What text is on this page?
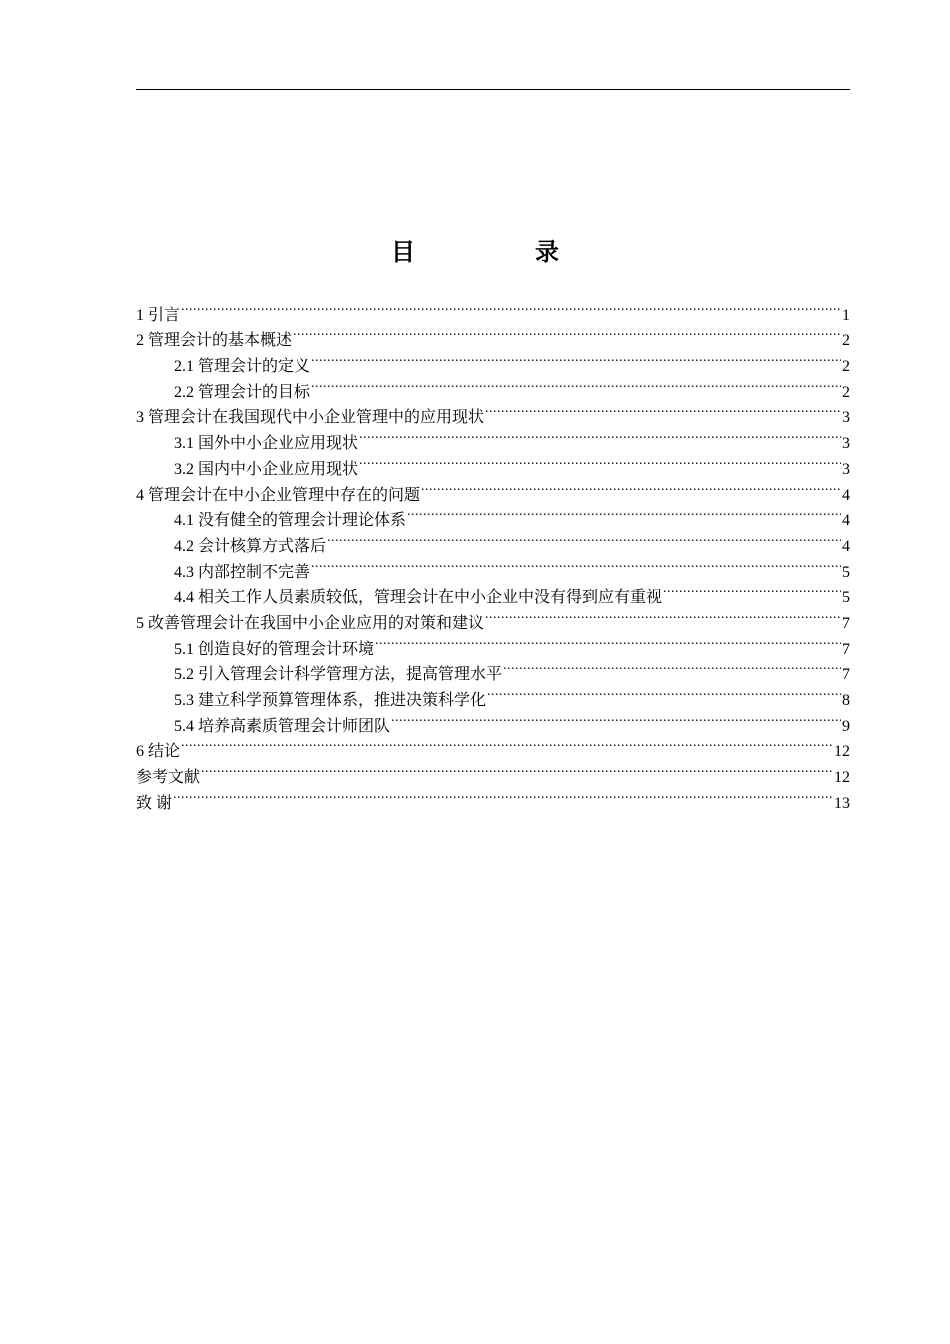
目　录
1 引言 .....	1
2 管理会计的基本概述 .....	2
2.1 管理会计的定义 .....	2
2.2 管理会计的目标 .....	2
3 管理会计在我国现代中小企业管理中的应用现状 .....	3
3.1 国外中小企业应用现状 .....	3
3.2 国内中小企业应用现状 .....	3
4 管理会计在中小企业管理中存在的问题 .....	4
4.1 没有健全的管理会计理论体系 .....	4
4.2 会计核算方式落后 .....	4
4.3 内部控制不完善 .....	5
4.4 相关工作人员素质较低，管理会计在中小企业中没有得到应有重视 .....	5
5 改善管理会计在我国中小企业应用的对策和建议 .....	7
5.1 创造良好的管理会计环境 .....	7
5.2 引入管理会计科学管理方法，提高管理水平 .....	7
5.3 建立科学预算管理体系，推进决策科学化 .....	8
5.4 培养高素质管理会计师团队 .....	9
6 结论 .....	12
参考文献 .....	12
致 谢 .....	13
